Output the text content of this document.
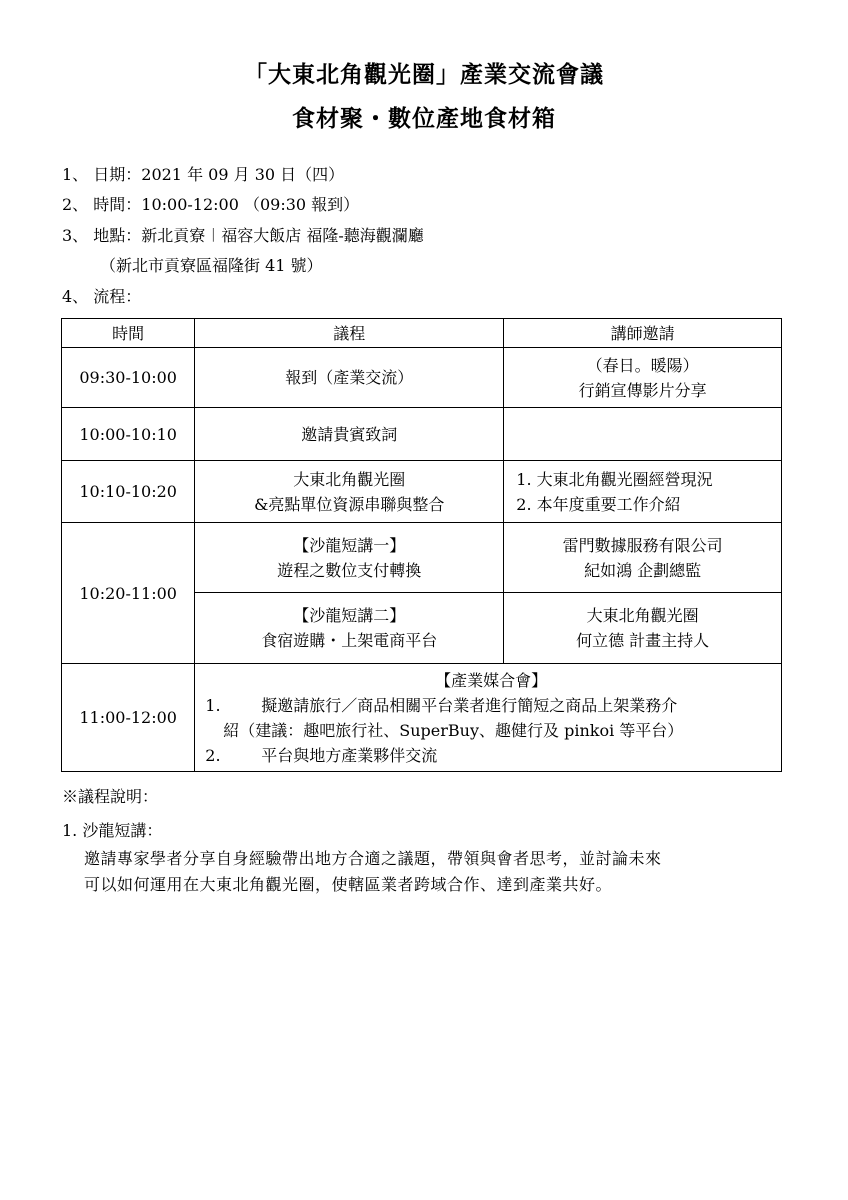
「大東北角觀光圈」產業交流會議
食材聚・數位產地食材箱
1、 日期：2021 年 09 月 30 日（四）
2、 時間：10:00-12:00 （09:30 報到）
3、 地點：新北貢寮︱福容大飯店 福隆-聽海觀瀾廳
（新北市貢寮區福隆街 41 號）
4、 流程：
時間	議程	講師邀請
09:30-10:00	報到（產業交流）	（春日。暖陽）
行銷宣傳影片分享

10:00-10:10	邀請貴賓致詞	

10:10-10:20	大東北角觀光圈
&亮點單位資源串聯與整合	1. 大東北角觀光圈經營現況
2. 本年度重要工作介紹

10:20-11:00	【沙龍短講一】
遊程之數位支付轉換	雷門數據服務有限公司
紀如鴻 企劃總監

	【沙龍短講二】
食宿遊購・上架電商平台	大東北角觀光圈
何立德 計畫主持人

11:00-12:00	【產業媒合會】
1. 擬邀請旅行／商品相關平台業者進行簡短之商品上架業務介
紹（建議：趣吧旅行社、SuperBuy、趣健行及 pinkoi 等平台）
2. 平台與地方產業夥伴交流	
※議程說明：
1. 沙龍短講：
邀請專家學者分享自身經驗帶出地方合適之議題，帶領與會者思考，並討論未來
可以如何運用在大東北角觀光圈，使轄區業者跨域合作、達到產業共好。
